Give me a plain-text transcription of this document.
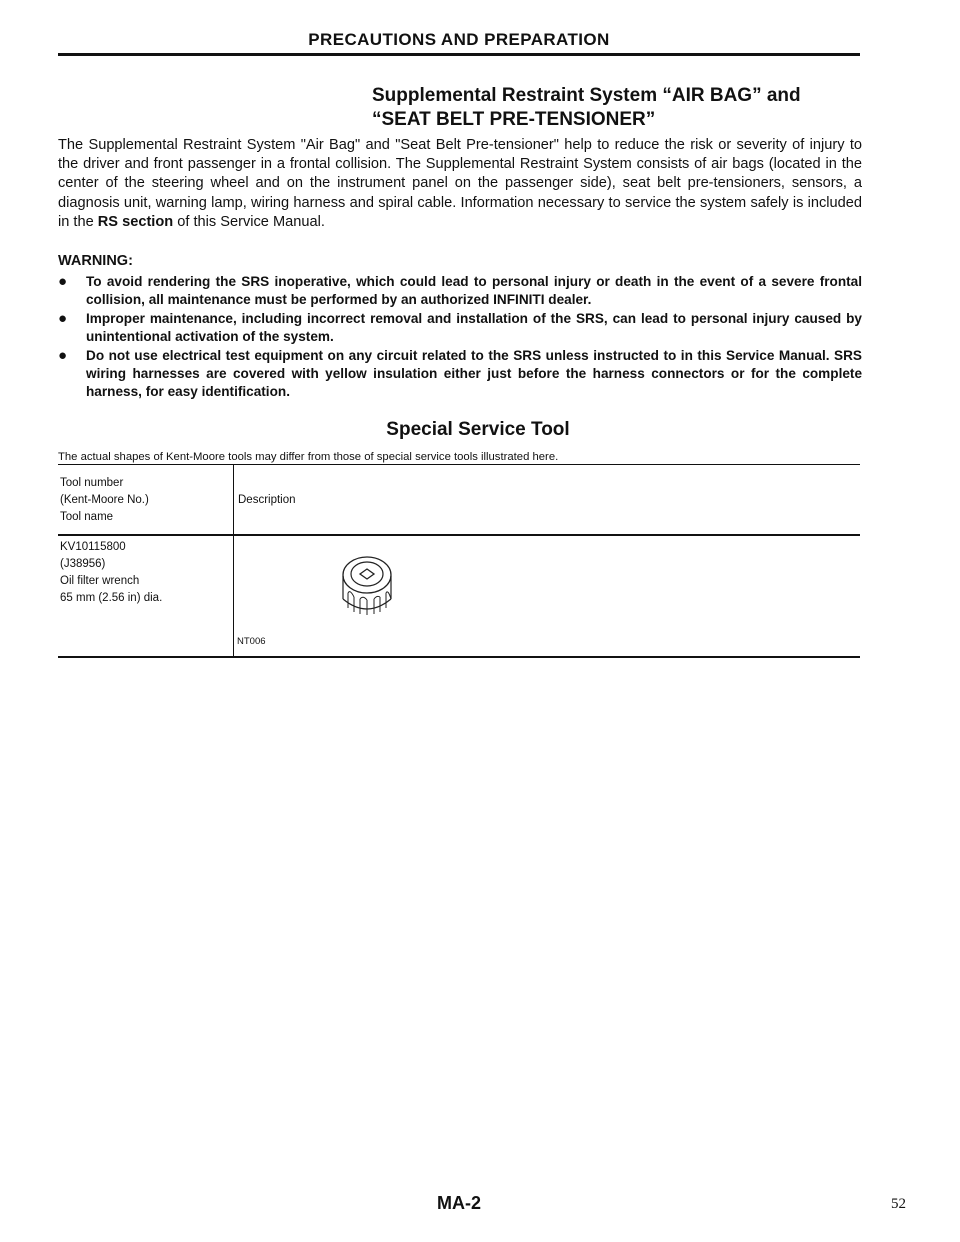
PRECAUTIONS AND PREPARATION
Supplemental Restraint System “AIR BAG” and
“SEAT BELT PRE-TENSIONER”
The Supplemental Restraint System "Air Bag" and "Seat Belt Pre-tensioner" help to reduce the risk or severity of injury to the driver and front passenger in a frontal collision. The Supplemental Restraint System consists of air bags (located in the center of the steering wheel and on the instrument panel on the passenger side), seat belt pre-tensioners, sensors, a diagnosis unit, warning lamp, wiring harness and spiral cable. Information necessary to service the system safely is included in the RS section of this Service Manual.
WARNING:
● To avoid rendering the SRS inoperative, which could lead to personal injury or death in the event of a severe frontal collision, all maintenance must be performed by an authorized INFINITI dealer.
● Improper maintenance, including incorrect removal and installation of the SRS, can lead to personal injury caused by unintentional activation of the system.
● Do not use electrical test equipment on any circuit related to the SRS unless instructed to in this Service Manual. SRS wiring harnesses are covered with yellow insulation either just before the harness connectors or for the complete harness, for easy identification.
Special Service Tool
The actual shapes of Kent-Moore tools may differ from those of special service tools illustrated here.
Tool number
(Kent-Moore No.)
Tool name
Description
KV10115800
(J38956)
Oil filter wrench
65 mm (2.56 in) dia.
NT006
MA-2	52
